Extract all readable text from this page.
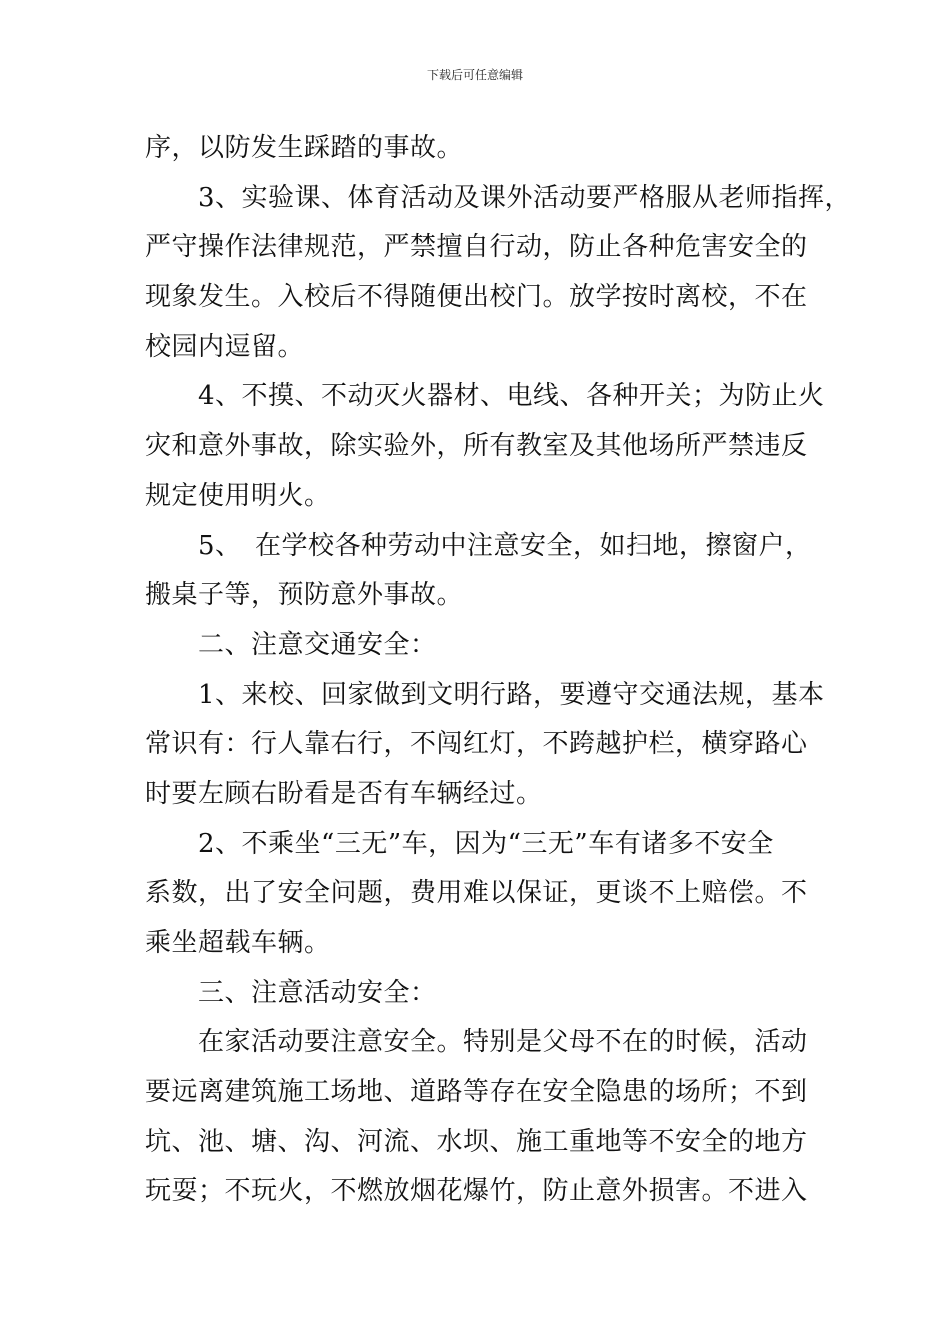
下载后可任意编辑
序，以防发生踩踏的事故。
　　3、实验课、体育活动及课外活动要严格服从老师指挥，
严守操作法律规范，严禁擅自行动，防止各种危害安全的
现象发生。入校后不得随便出校门。放学按时离校，不在
校园内逗留。
　　4、不摸、不动灭火器材、电线、各种开关；为防止火
灾和意外事故，除实验外，所有教室及其他场所严禁违反
规定使用明火。
　　5、　在学校各种劳动中注意安全，如扫地，擦窗户，
搬桌子等，预防意外事故。
　　二、注意交通安全：
　　1、来校、回家做到文明行路，要遵守交通法规，基本
常识有：行人靠右行，不闯红灯，不跨越护栏，横穿路心
时要左顾右盼看是否有车辆经过。
　　2、不乘坐“三无”车，因为“三无”车有诸多不安全
系数，出了安全问题，费用难以保证，更谈不上赔偿。不
乘坐超载车辆。
　　三、注意活动安全：
　　在家活动要注意安全。特别是父母不在的时候，活动
要远离建筑施工场地、道路等存在安全隐患的场所；不到
坑、池、塘、沟、河流、水坝、施工重地等不安全的地方
玩耍；不玩火，不燃放烟花爆竹，防止意外损害。不进入
